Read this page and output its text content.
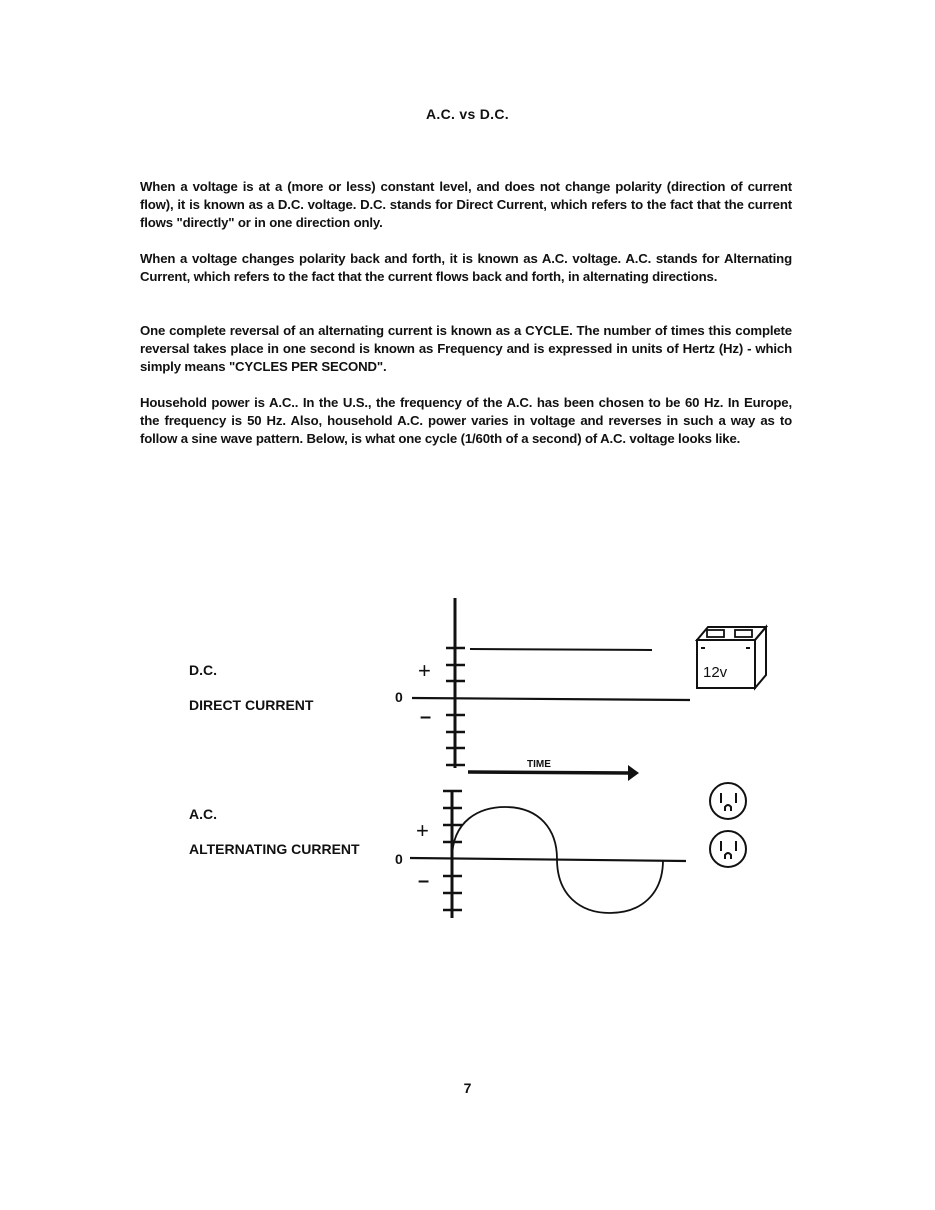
A.C. vs D.C.
When a voltage is at a (more or less) constant level, and does not change polarity (direction of current flow), it is known as a D.C. voltage. D.C. stands for Direct Current, which refers to the fact that the current flows "directly" or in one direction only.
When a voltage changes polarity back and forth, it is known as A.C. voltage. A.C. stands for Alternating Current, which refers to the fact that the current flows back and forth, in alternating directions.
One complete reversal of an alternating current is known as a CYCLE. The number of times this complete reversal takes place in one second is known as Frequency and is expressed in units of Hertz (Hz) - which simply means "CYCLES PER SECOND".
Household power is A.C.. In the U.S., the frequency of the A.C. has been chosen to be 60 Hz. In Europe, the frequency is 50 Hz. Also, household A.C. power varies in voltage and reverses in such a way as to follow a sine wave pattern. Below, is what one cycle (1/60th of a second) of A.C. voltage looks like.
D.C.
DIRECT CURRENT
A.C.
ALTERNATING CURRENT
+
0
–
+
0
–
TIME
12v
7
